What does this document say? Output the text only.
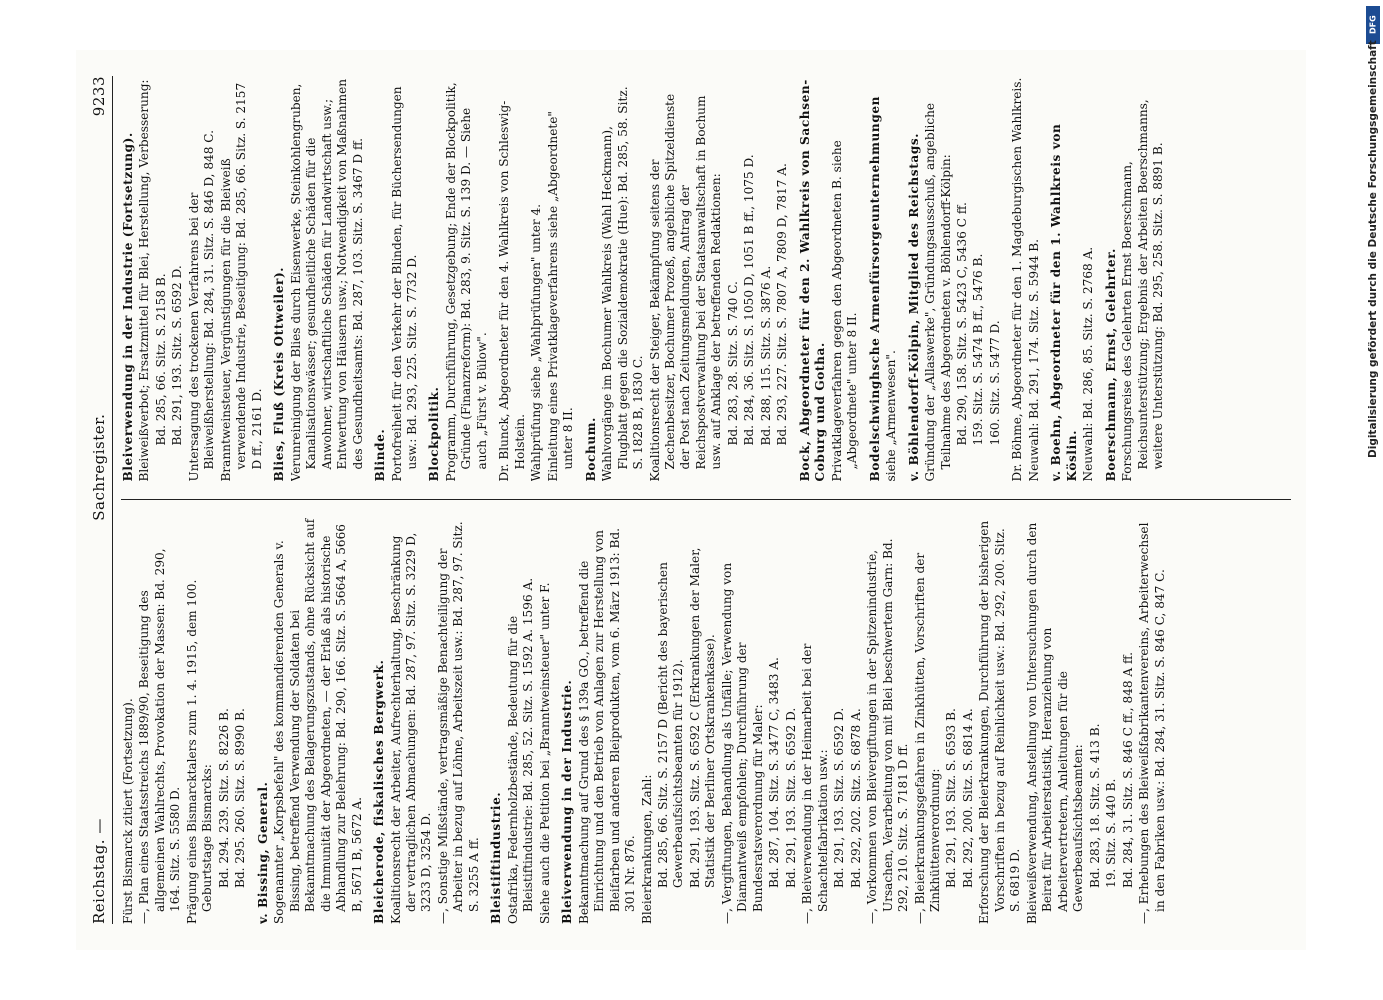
Reichstag. —
Sachregister.
9233

Fürst Bismarck zitiert (Fortsetzung). —, Plan eines Staatsstreichs 1889/90, Beseitigung des allgemeinen Wahlrechts, Provokation der Massen: Bd. 290, 164. Sitz. S. 5580 D. Prägung eines Bismarcktalers zum 1. 4. 1915, dem 100. Geburtstage Bismarcks: Bd. 294. 239. Sitz. S. 8226 B. Bd. 295. 260. Sitz. S. 8990 B. v. Bissing, General. Sogenannter „Korpsbefehl" des kommandierenden Generals v. Bissing, betreffend Verwendung der Soldaten bei Bekanntmachung des Belagerungszustands, ohne Rücksicht auf die Immunität der Abgeordneten, — der Erlaß als historische Abhandlung zur Belehrung: Bd. 290, 166. Sitz. S. 5664 A, 5666 B, 5671 B, 5672 A. Bleicherode, fiskalisches Bergwerk. Koalitionsrecht der Arbeiter, Aufrechterhaltung, Beschränkung der vertraglichen Abmachungen: Bd. 287, 97. Sitz. S. 3229 D, 3233 D, 3254 D. —, Sonstige Mißstände, vertragsmäßige Benachteiligung der Arbeiter in bezug auf Löhne, Arbeitszeit usw.: Bd. 287, 97. Sitz. S. 3255 A ff. Bleistiftindustrie. Ostafrika, Federnholzbestände, Bedeutung für die Bleistiftindustrie: Bd. 285, 52. Sitz. S. 1592 A. 1596 A. Siehe auch die Petition bei „Branntweinsteuer" unter F. Bleiverwendung in der Industrie. Bekanntmachung auf Grund des § 139a GO., betreffend die Einrichtung und den Betrieb von Anlagen zur Herstellung von Bleifarben und anderen Bleiprodukten, vom 6. März 1913: Bd. 301 Nr. 876. Bleierkrankungen, Zahl: Bd. 285, 66. Sitz. S. 2157 D (Bericht des bayerischen Gewerbeaufsichtsbeamten für 1912). Bd. 291, 193. Sitz. S. 6592 C (Erkrankungen der Maler, Statistik der Berliner Ortskrankenkasse). —, Vergiftungen, Behandlung als Unfälle; Verwendung von Diamantweiß empfohlen; Durchführung der Bundesratsverordnung für Maler: Bd. 287, 104. Sitz. S. 3477 C, 3483 A. Bd. 291, 193. Sitz. S. 6592 D. —, Bleiverwendung in der Heimarbeit bei der Schachtelfabrikation usw.: Bd. 291, 193. Sitz. S. 6592 D. Bd. 292, 202. Sitz. S. 6878 A. —, Vorkommen von Bleivergiftungen in der Spitzenindustrie, Ursachen, Verarbeitung von mit Blei beschwertem Garn: Bd. 292, 210. Sitz. S. 7181 D ff. —, Bleierkrankungsgefahren in Zinkhütten, Vorschriften der Zinkhüttenverordnung: Bd. 291, 193. Sitz. S. 6593 B. Bd. 292, 200. Sitz. S. 6814 A. Erforschung der Bleierkrankungen, Durchführung der bisherigen Vorschriften in bezug auf Reinlichkeit usw.: Bd. 292, 200. Sitz. S. 6819 D. Bleiweißverwendung, Anstellung von Untersuchungen durch den Beirat für Arbeiterstatistik, Heranziehung von Arbeitervertretern, Anleitungen für die Gewerbeaufsichtsbeamten: Bd. 283, 18. Sitz. S. 413 B. 19. Sitz. S. 440 B. Bd. 284, 31. Sitz. S. 846 C ff., 848 A ff. —, Erhebungen des Bleiweißfabrikantenvereins, Arbeiterwechsel in den Fabriken usw.: Bd. 284, 31. Sitz. S. 846 C, 847 C.

Bleiverwendung in der Industrie (Fortsetzung). Bleiweißverbot; Ersatzmittel für Blei, Herstellung, Verbesserung: Bd. 285, 66. Sitz. S. 2158 B. Bd. 291, 193. Sitz. S. 6592 D. Untersagung des trockenen Verfahrens bei der Bleiweißherstellung: Bd. 284, 31. Sitz. S. 846 D, 848 C. Branntweinsteuer, Vergünstigungen für die Bleiweiß verwendende Industrie, Beseitigung: Bd. 285, 66. Sitz. S. 2157 D ff., 2161 D. Blies, Fluß (Kreis Ottweiler). Verunreinigung der Blies durch Eisenwerke, Steinkohlengruben, Kanalisationswässer; gesundheitliche Schäden für die Anwohner, wirtschaftliche Schäden für Landwirtschaft usw.; Entwertung von Häusern usw.; Notwendigkeit von Maßnahmen des Gesundheitsamts: Bd. 287, 103. Sitz. S. 3467 D ff. Blinde. Portofreiheit für den Verkehr der Blinden, für Büchersendungen usw.: Bd. 293, 225. Sitz. S. 7732 D. Blockpolitik. Programm, Durchführung, Gesetzgebung; Ende der Blockpolitik, Gründe (Finanzreform): Bd. 283, 9. Sitz. S. 139 D. — Siehe auch „Fürst v. Bülow". Dr. Blunck, Abgeordneter für den 4. Wahlkreis von Schleswig-Holstein. Wahlprüfung siehe „Wahlprüfungen" unter 4. Einleitung eines Privatklageverfahrens siehe „Abgeordnete" unter 8 II. Bochum. Wahlvorgänge im Bochumer Wahlkreis (Wahl Heckmann), Flugblatt gegen die Sozialdemokratie (Hue): Bd. 285, 58. Sitz. S. 1828 B, 1830 C. Koalitionsrecht der Steiger, Bekämpfung seitens der Zechenbesitzer, Bochumer Prozeß, angebliche Spitzeldienste der Post nach Zeitungsmeldungen, Antrag der Reichspostverwaltung bei der Staatsanwaltschaft in Bochum usw. auf Anklage der betreffenden Redaktionen: Bd. 283, 28. Sitz. S. 740 C. Bd. 284, 36. Sitz. S. 1050 D, 1051 B ff., 1075 D. Bd. 288, 115. Sitz. S. 3876 A. Bd. 293, 227. Sitz. S. 7807 A, 7809 D, 7817 A. Bock, Abgeordneter für den 2. Wahlkreis von Sachsen-Coburg und Gotha. Privatklageverfahren gegen den Abgeordneten B. siehe „Abgeordnete" unter 8 II. Bodelschwinghsche Armenfürsorgeunternehmungen siehe „Armenwesen". v. Böhlendorff-Kölpin, Mitglied des Reichstags. Gründung der „Allaswerke", Gründungsausschuß, angebliche Teilnahme des Abgeordneten v. Böhlendorff-Kölpin: Bd. 290, 158. Sitz. S. 5423 C, 5436 C ff. 159. Sitz. S. 5474 B ff., 5476 B. 160. Sitz. S. 5477 D. Dr. Böhme, Abgeordneter für den 1. Magdeburgischen Wahlkreis. Neuwahl: Bd. 291, 174. Sitz. S. 5944 B. v. Boehn, Abgeordneter für den 1. Wahlkreis von Köslin. Neuwahl: Bd. 286, 85. Sitz. S. 2768 A. Boerschmann, Ernst, Gelehrter. Forschungsreise des Gelehrten Ernst Boerschmann, Reichsunterstützung; Ergebnis der Arbeiten Boerschmanns, weitere Unterstützung: Bd. 295, 258. Sitz. S. 8891 B.

DFG
Digitalisierung gefördert durch die Deutsche Forschungsgemeinschaft
